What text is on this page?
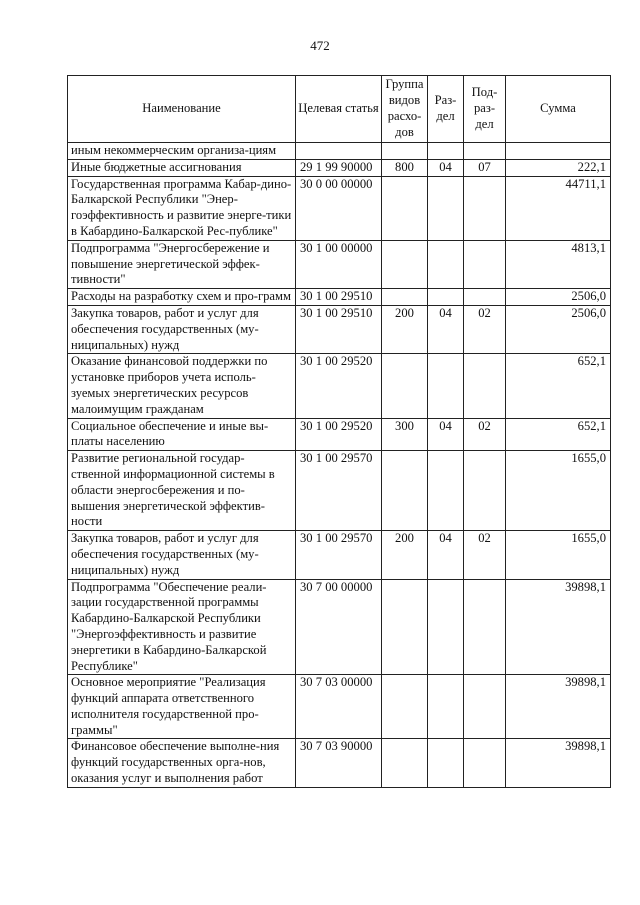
472
Наименование	Целевая статья	Группа видов расхо-дов	Раз-дел	Под-раз-дел	Сумма
иным некоммерческим организа-циям					
Иные бюджетные ассигнования	29 1 99 90000	800	04	07	222,1
Государственная программа Кабар-дино-Балкарской Республики "Энер-гоэффективность и развитие энерге-тики в Кабардино-Балкарской Рес-публике"	30 0 00 00000				44711,1
Подпрограмма "Энергосбережение и повышение энергетической эффек-тивности"	30 1 00 00000				4813,1
Расходы на разработку схем и про-грамм	30 1 00 29510				2506,0
Закупка товаров, работ и услуг для обеспечения государственных (му-ниципальных) нужд	30 1 00 29510	200	04	02	2506,0
Оказание финансовой поддержки по установке приборов учета исполь-зуемых энергетических ресурсов малоимущим гражданам	30 1 00 29520				652,1
Социальное обеспечение и иные вы-платы населению	30 1 00 29520	300	04	02	652,1
Развитие региональной государ-ственной информационной системы в области энергосбережения и по-вышения энергетической эффектив-ности	30 1 00 29570				1655,0
Закупка товаров, работ и услуг для обеспечения государственных (му-ниципальных) нужд	30 1 00 29570	200	04	02	1655,0
Подпрограмма "Обеспечение реали-зации государственной программы Кабардино-Балкарской Республики "Энергоэффективность и развитие энергетики в Кабардино-Балкарской Республике"	30 7 00 00000				39898,1
Основное мероприятие "Реализация функций аппарата ответственного исполнителя государственной про-граммы"	30 7 03 00000				39898,1
Финансовое обеспечение выполне-ния функций государственных орга-нов, оказания услуг и выполнения работ	30 7 03 90000				39898,1
